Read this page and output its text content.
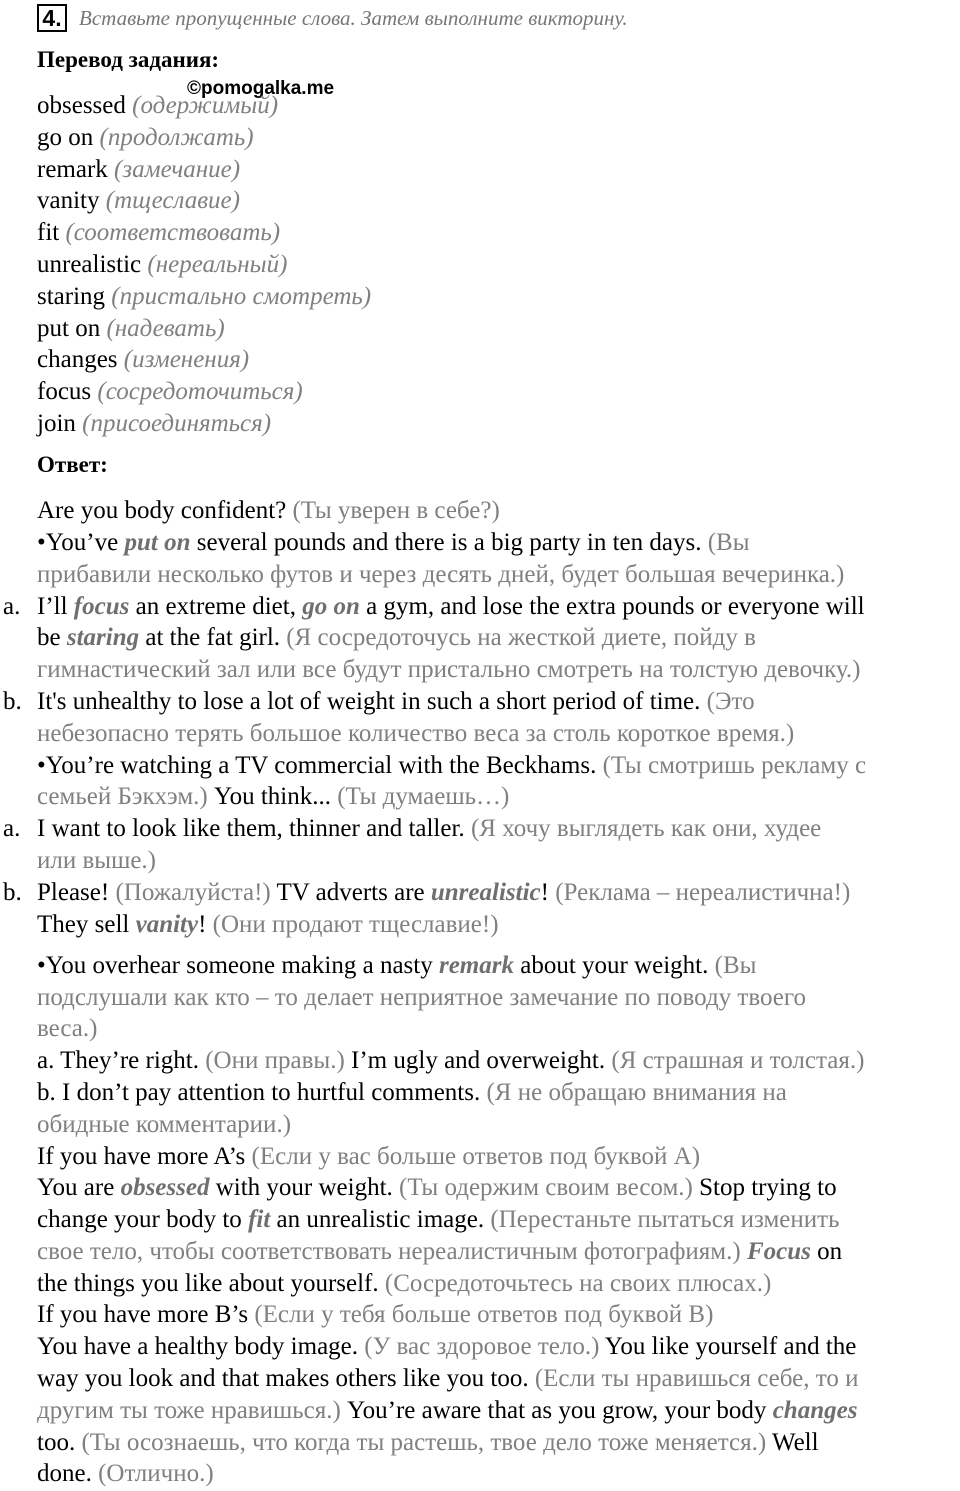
4. Вставьте пропущенные слова. Затем выполните викторину.
Перевод задания:
©pomogalka.me
obsessed (одержимый)
go on (продолжать)
remark (замечание)
vanity (тщеславие)
fit (соответствовать)
unrealistic (нереальный)
staring (пристально смотреть)
put on (надевать)
changes (изменения)
focus (сосредоточиться)
join (присоединяться)
Ответ:
Are you body confident? (Ты уверен в себе?)
•You’ve put on several pounds and there is a big party in ten days. (Вы
прибавили несколько футов и через десять дней, будет большая вечеринка.)
a. I’ll focus an extreme diet, go on a gym, and lose the extra pounds or everyone will
be staring at the fat girl. (Я сосредоточусь на жесткой диете, пойду в
гимнастический зал или все будут пристально смотреть на толстую девочку.)
b. It's unhealthy to lose a lot of weight in such a short period of time. (Это
небезопасно терять большое количество веса за столь короткое время.)
•You’re watching a TV commercial with the Beckhams. (Ты смотришь рекламу с
семьей Бэкхэм.) You think... (Ты думаешь…)
a. I want to look like them, thinner and taller. (Я хочу выглядеть как они, худее
или выше.)
b. Please! (Пожалуйста!) TV adverts are unrealistic! (Реклама – нереалистична!)
They sell vanity! (Они продают тщеславие!)
•You overhear someone making a nasty remark about your weight. (Вы
подслушали как кто – то делает неприятное замечание по поводу твоего
веса.)
a. They’re right. (Они правы.) I’m ugly and overweight. (Я страшная и толстая.)
b. I don’t pay attention to hurtful comments. (Я не обращаю внимания на
обидные комментарии.)
If you have more A’s (Если у вас больше ответов под буквой А)
You are obsessed with your weight. (Ты одержим своим весом.) Stop trying to
change your body to fit an unrealistic image. (Перестаньте пытаться изменить
свое тело, чтобы соответствовать нереалистичным фотографиям.) Focus on
the things you like about yourself. (Сосредоточьтесь на своих плюсах.)
If you have more B’s (Если у тебя больше ответов под буквой В)
You have a healthy body image. (У вас здоровое тело.) You like yourself and the
way you look and that makes others like you too. (Если ты нравишься себе, то и
другим ты тоже нравишься.) You’re aware that as you grow, your body changes
too. (Ты осознаешь, что когда ты растешь, твое дело тоже меняется.) Well
done. (Отлично.)
